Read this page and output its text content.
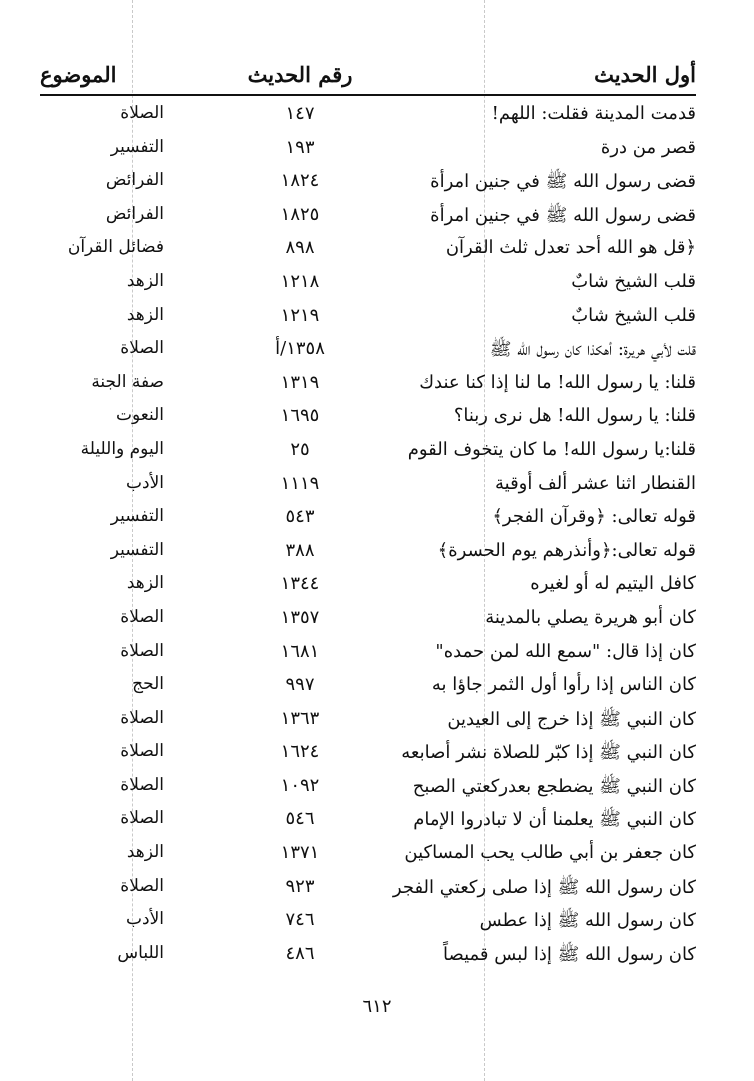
أول الحديث
رقم الحديث
الموضوع
قدمت المدينة فقلت: اللهم!
١٤٧
الصلاة
قصر من درة
١٩٣
التفسير
قضى رسول الله ﷺ في جنين امرأة
١٨٢٤
الفرائض
قضى رسول الله ﷺ في جنين امرأة
١٨٢٥
الفرائض
﴿قل هو الله أحد تعدل ثلث القرآن
٨٩٨
فضائل القرآن
قلب الشيخ شابٌ
١٢١٨
الزهد
قلب الشيخ شابٌ
١٢١٩
الزهد
قلت لأبي هريرة: أهكذا كان رسول الله ﷺ
١٣٥٨/أ
الصلاة
قلنا: يا رسول الله! ما لنا إذا كنا عندك
١٣١٩
صفة الجنة
قلنا: يا رسول الله! هل نرى ربنا؟
١٦٩٥
النعوت
قلنا:يا رسول الله! ما كان يتخوف القوم
٢٥
اليوم والليلة
القنطار اثنا عشر ألف أوقية
١١١٩
الأدب
قوله تعالى: ﴿وقرآن الفجر﴾
٥٤٣
التفسير
قوله تعالى:﴿وأنذرهم يوم الحسرة﴾
٣٨٨
التفسير
كافل اليتيم له أو لغيره
١٣٤٤
الزهد
كان أبو هريرة يصلي بالمدينة
١٣٥٧
الصلاة
كان إذا قال: "سمع الله لمن حمده"
١٦٨١
الصلاة
كان الناس إذا رأوا أول الثمر جاؤا به
٩٩٧
الحج
كان النبي ﷺ إذا خرج إلى العيدين
١٣٦٣
الصلاة
كان النبي ﷺ إذا كبّر للصلاة نشر أصابعه
١٦٢٤
الصلاة
كان النبي ﷺ يضطجع بعدركعتي الصبح
١٠٩٢
الصلاة
كان النبي ﷺ يعلمنا أن لا تبادروا الإمام
٥٤٦
الصلاة
كان جعفر بن أبي طالب يحب المساكين
١٣٧١
الزهد
كان رسول الله ﷺ إذا صلى ركعتي الفجر
٩٢٣
الصلاة
كان رسول الله ﷺ إذا عطس
٧٤٦
الأدب
كان رسول الله ﷺ إذا لبس قميصاً
٤٨٦
اللباس
٦١٢
